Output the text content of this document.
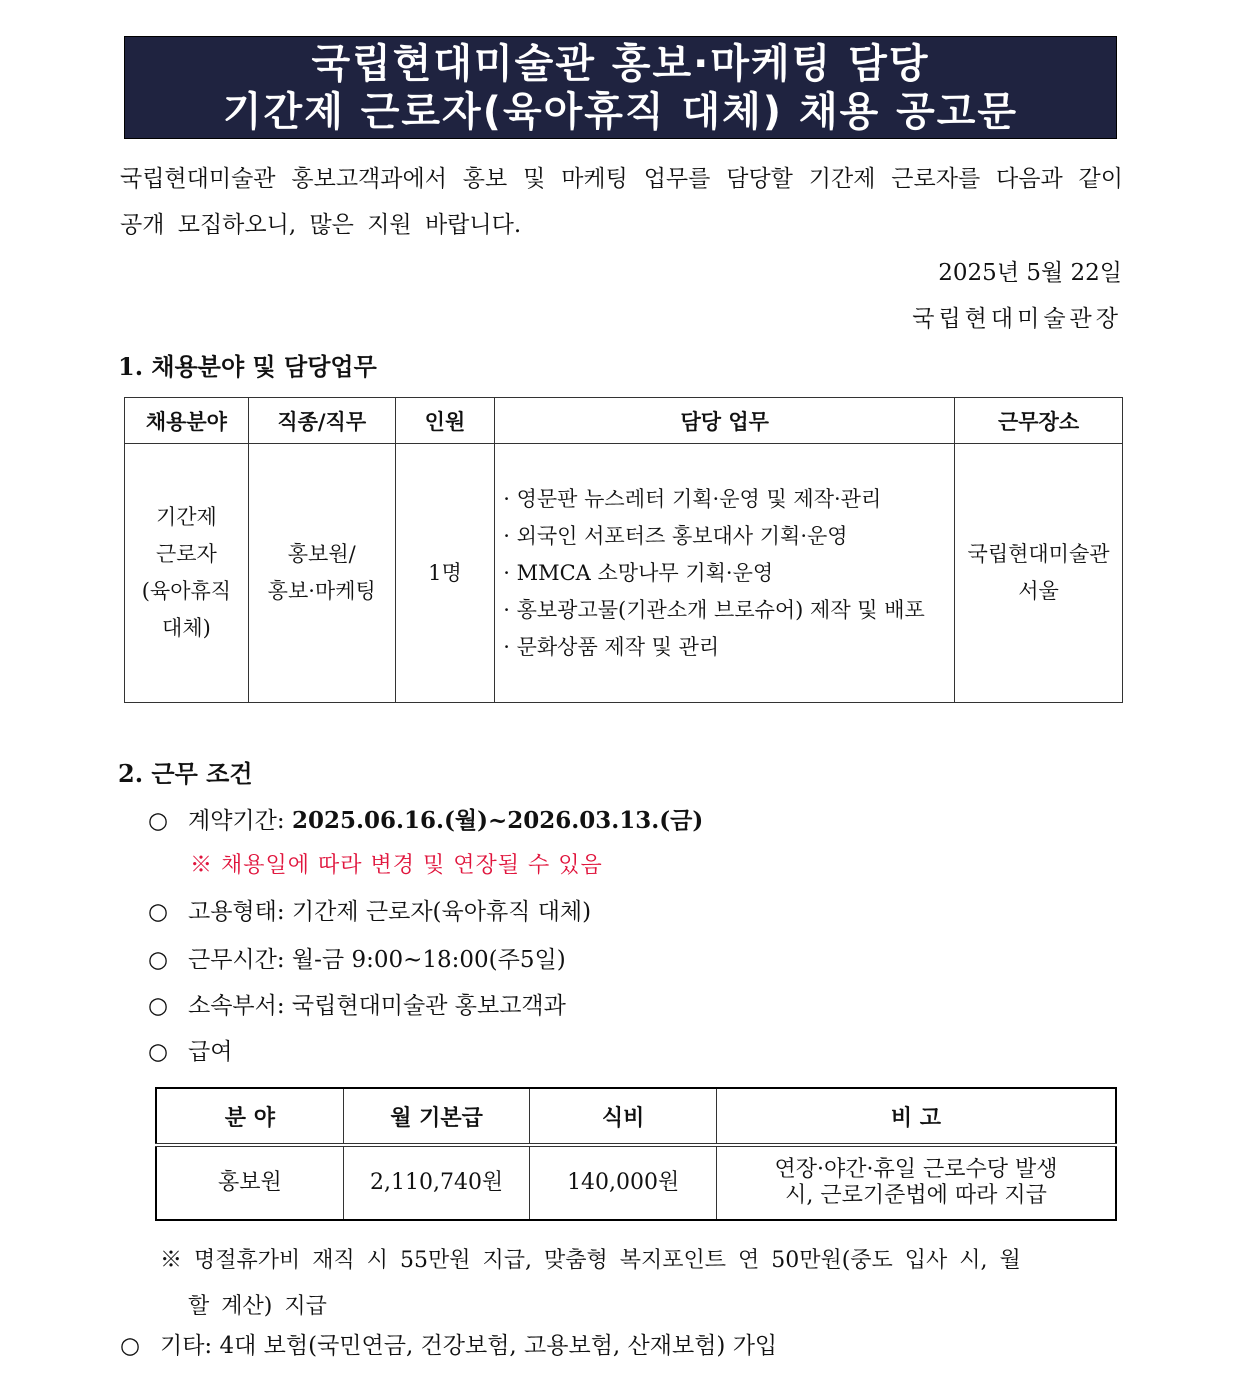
국립현대미술관 홍보·마케팅 담당
기간제 근로자(육아휴직 대체) 채용 공고문
국립현대미술관 홍보고객과에서 홍보 및 마케팅 업무를 담당할 기간제 근로자를 다음과 같이 공개 모집하오니, 많은 지원 바랍니다.
2025년 5월 22일
국립현대미술관장
1. 채용분야 및 담당업무
채용분야	직종/직무	인원	담당 업무	근무장소

기간제
근로자
(육아휴직
대체)	홍보원/
홍보·마케팅	1명	· 영문판 뉴스레터 기획·운영 및 제작·관리
· 외국인 서포터즈 홍보대사 기획·운영
· MMCA 소망나무 기획·운영
· 홍보광고물(기관소개 브로슈어) 제작 및 배포
· 문화상품 제작 및 관리	국립현대미술관
서울
2. 근무 조건
○ 계약기간: 2025.06.16.(월)~2026.03.13.(금)
※ 채용일에 따라 변경 및 연장될 수 있음
○ 고용형태: 기간제 근로자(육아휴직 대체)
○ 근무시간: 월-금 9:00~18:00(주5일)
○ 소속부서: 국립현대미술관 홍보고객과
○ 급여
분 야	월 기본급	식비	비 고
홍보원	2,110,740원	140,000원	연장·야간·휴일 근로수당 발생
시, 근로기준법에 따라 지급
※ 명절휴가비 재직 시 55만원 지급, 맞춤형 복지포인트 연 50만원(중도 입사 시, 월
할 계산) 지급
○ 기타: 4대 보험(국민연금, 건강보험, 고용보험, 산재보험) 가입
